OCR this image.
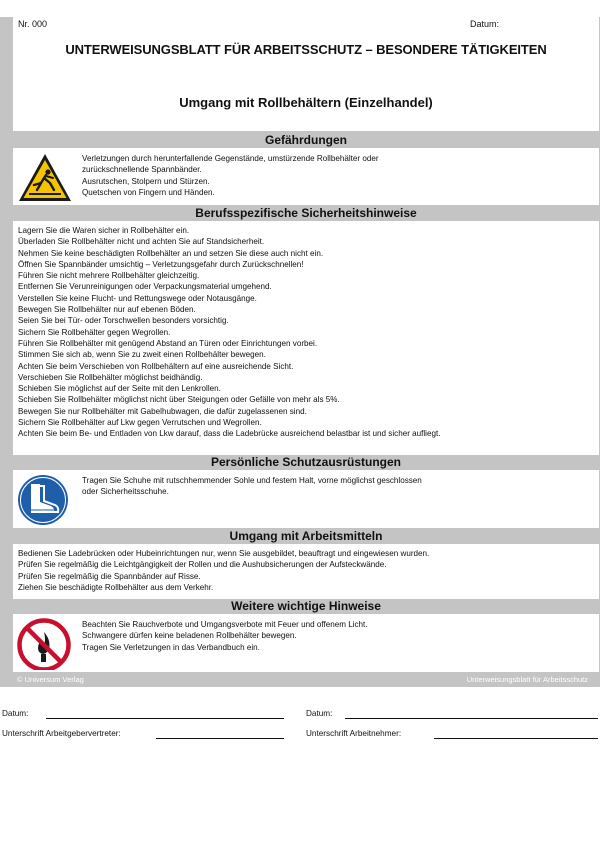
Nr. 000	Datum:
UNTERWEISUNGSBLATT FÜR ARBEITSSCHUTZ – BESONDERE TÄTIGKEITEN
Umgang mit Rollbehältern (Einzelhandel)
Gefährdungen
Verletzungen durch herunterfallende Gegenstände, umstürzende Rollbehälter oder
zurückschnellende Spannbänder.
Ausrutschen, Stolpern und Stürzen.
Quetschen von Fingern und Händen.
Berufsspezifische Sicherheitshinweise
Lagern Sie die Waren sicher in Rollbehälter ein.
Überladen Sie Rollbehälter nicht und achten Sie auf Standsicherheit.
Nehmen Sie keine beschädigten Rollbehälter an und setzen Sie diese auch nicht ein.
Öffnen Sie Spannbänder umsichtig – Verletzungsgefahr durch Zurückschnellen!
Führen Sie nicht mehrere Rollbehälter gleichzeitig.
Entfernen Sie Verunreinigungen oder Verpackungsmaterial umgehend.
Verstellen Sie keine Flucht- und Rettungswege oder Notausgänge.
Bewegen Sie Rollbehälter nur auf ebenen Böden.
Seien Sie bei Tür- oder Torschwellen besonders vorsichtig.
Sichern Sie Rollbehälter gegen Wegrollen.
Führen Sie Rollbehälter mit genügend Abstand an Türen oder Einrichtungen vorbei.
Stimmen Sie sich ab, wenn Sie zu zweit einen Rollbehälter bewegen.
Achten Sie beim Verschieben von Rollbehältern auf eine ausreichende Sicht.
Verschieben Sie Rollbehälter möglichst beidhändig.
Schieben Sie möglichst auf der Seite mit den Lenkrollen.
Schieben Sie Rollbehälter möglichst nicht über Steigungen oder Gefälle von mehr als 5%.
Bewegen Sie nur Rollbehälter mit Gabelhubwagen, die dafür zugelassenen sind.
Sichern Sie Rollbehälter auf Lkw gegen Verrutschen und Wegrollen.
Achten Sie beim Be- und Entladen von Lkw darauf, dass die Ladebrücke ausreichend belastbar ist und sicher aufliegt.
Persönliche Schutzausrüstungen
Tragen Sie Schuhe mit rutschhemmender Sohle und festem Halt, vorne möglichst geschlossen
oder Sicherheitsschuhe.
Umgang mit Arbeitsmitteln
Bedienen Sie Ladebrücken oder Hubeinrichtungen nur, wenn Sie ausgebildet, beauftragt und eingewiesen wurden.
Prüfen Sie regelmäßig die Leichtgängigkeit der Rollen und die Aushubsicherungen der Aufsteckwände.
Prüfen Sie regelmäßig die Spannbänder auf Risse.
Ziehen Sie beschädigte Rollbehälter aus dem Verkehr.
Weitere wichtige Hinweise
Beachten Sie Rauchverbote und Umgangsverbote mit Feuer und offenem Licht.
Schwangere dürfen keine beladenen Rollbehälter bewegen.
Tragen Sie Verletzungen in das Verbandbuch ein.
© Universum Verlag	Unterweisungsblatt für Arbeitsschutz
Datum:	Datum:
Unterschrift Arbeitgebervertreter:	Unterschrift Arbeitnehmer:
